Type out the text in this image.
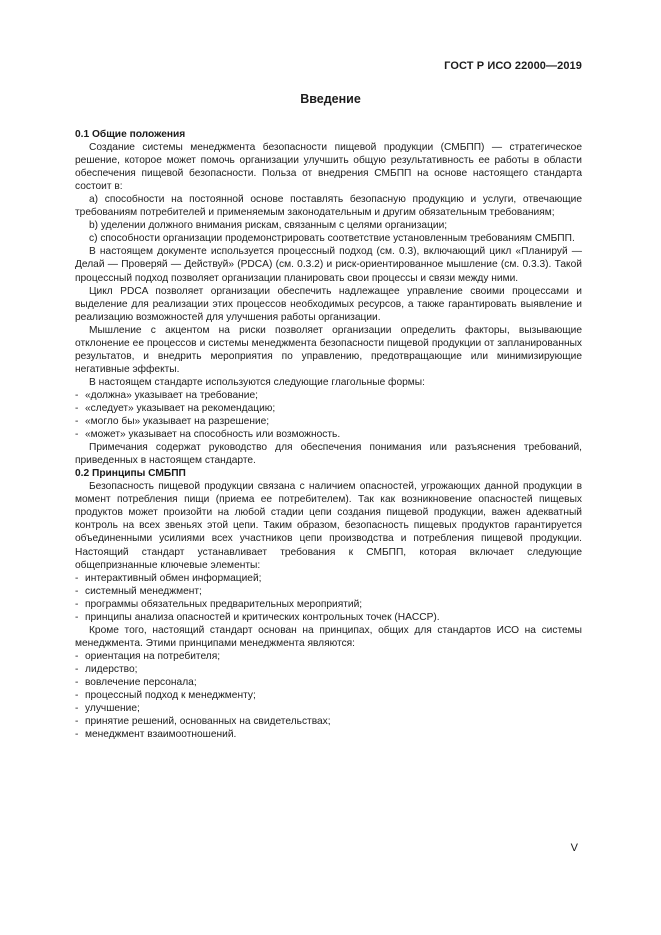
ГОСТ Р ИСО 22000—2019
Введение

0.1 Общие положения

Создание системы менеджмента безопасности пищевой продукции (СМБПП) — стратегическое решение, которое может помочь организации улучшить общую результативность ее работы в области обеспечения пищевой безопасности. Польза от внедрения СМБПП на основе настоящего стандарта состоит в:

a) способности на постоянной основе поставлять безопасную продукцию и услуги, отвечающие требованиям потребителей и применяемым законодательным и другим обязательным требованиям;

b) уделении должного внимания рискам, связанным с целями организации;

c) способности организации продемонстрировать соответствие установленным требованиям СМБПП.

В настоящем документе используется процессный подход (см. 0.3), включающий цикл «Планируй — Делай — Проверяй — Действуй» (PDCA) (см. 0.3.2) и риск-ориентированное мышление (см. 0.3.3). Такой процессный подход позволяет организации планировать свои процессы и связи между ними.

Цикл PDCA позволяет организации обеспечить надлежащее управление своими процессами и выделение для реализации этих процессов необходимых ресурсов, а также гарантировать выявление и реализацию возможностей для улучшения работы организации.

Мышление с акцентом на риски позволяет организации определить факторы, вызывающие отклонение ее процессов и системы менеджмента безопасности пищевой продукции от запланированных результатов, и внедрить мероприятия по управлению, предотвращающие или минимизирующие негативные эффекты.

В настоящем стандарте используются следующие глагольные формы:

- «должна» указывает на требование;

- «следует» указывает на рекомендацию;

- «могло бы» указывает на разрешение;

- «может» указывает на способность или возможность.

Примечания содержат руководство для обеспечения понимания или разъяснения требований, приведенных в настоящем стандарте.

0.2 Принципы СМБПП

Безопасность пищевой продукции связана с наличием опасностей, угрожающих данной продукции в момент потребления пищи (приема ее потребителем). Так как возникновение опасностей пищевых продуктов может произойти на любой стадии цепи создания пищевой продукции, важен адекватный контроль на всех звеньях этой цепи. Таким образом, безопасность пищевых продуктов гарантируется объединенными усилиями всех участников цепи производства и потребления пищевой продукции. Настоящий стандарт устанавливает требования к СМБПП, которая включает следующие общепризнанные ключевые элементы:

- интерактивный обмен информацией;

- системный менеджмент;

- программы обязательных предварительных мероприятий;

- принципы анализа опасностей и критических контрольных точек (HACCP).

Кроме того, настоящий стандарт основан на принципах, общих для стандартов ИСО на системы менеджмента. Этими принципами менеджмента являются:

- ориентация на потребителя;

- лидерство;

- вовлечение персонала;

- процессный подход к менеджменту;

- улучшение;

- принятие решений, основанных на свидетельствах;

- менеджмент взаимоотношений.

V
